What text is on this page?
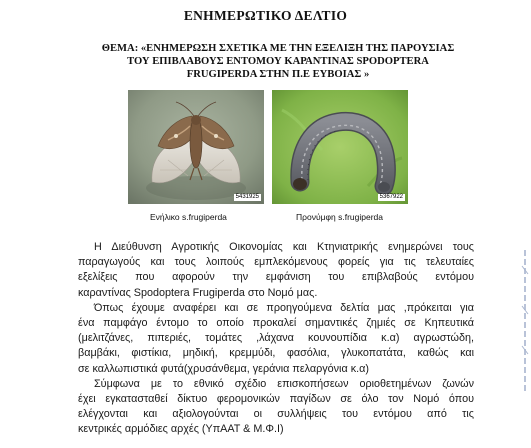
ΕΝΗΜΕΡΩΤΙΚΟ ΔΕΛΤΙΟ
ΘΕΜΑ: «ΕΝΗΜΕΡΩΣΗ ΣΧΕΤΙΚΑ ΜΕ ΤΗΝ ΕΞΕΛΙΞΗ ΤΗΣ ΠΑΡΟΥΣΙΑΣ
ΤΟΥ ΕΠΙΒΛΑΒΟΥΣ ΕΝΤΟΜΟΥ ΚΑΡΑΝΤΙΝΑΣ SPODOPTERA
FRUGIPERDA ΣΤΗΝ Π.Ε ΕΥΒΟΙΑΣ »
5431925	5367922
Ενήλικο s.frugiperda	Προνύμφη s.frugiperda

Η Διεύθυνση Αγροτικής Οικονομίας και Κτηνιατρικής ενημερώνει τους
παραγωγούς και τους λοιπούς εμπλεκόμενους φορείς για τις τελευταίες
εξελίξεις που αφορούν την εμφάνιση του επιβλαβούς εντόμου
καραντίνας Spodoptera Frugiperda στο Νομό μας.

Όπως έχουμε αναφέρει και σε προηγούμενα δελτία μας ,πρόκειται για
ένα παμφάγο έντομο το οποίο προκαλεί σημαντικές ζημιές σε Κηπευτικά
(μελιτζάνες, πιπεριές, τομάτες ,λάχανα κουνουπίδια κ.α) αγρωστώδη,
βαμβάκι, φιστίκια, μηδική, κρεμμύδι, φασόλια, γλυκοπατάτα, καθώς και
σε καλλωπιστικά φυτά(χρυσάνθεμα, γεράνια πελαργόνια κ.α)

Σύμφωνα με το εθνικό σχέδιο επισκοπήσεων οριοθετημένων ζωνών
έχει εγκατασταθεί δίκτυο φερομονικών παγίδων σε όλο τον Νομό όπου
ελέγχονται και αξιολογούνται οι συλλήψεις του εντόμου από τις
κεντρικές αρμόδιες αρχές (ΥπΑΑΤ & Μ.Φ.Ι)
